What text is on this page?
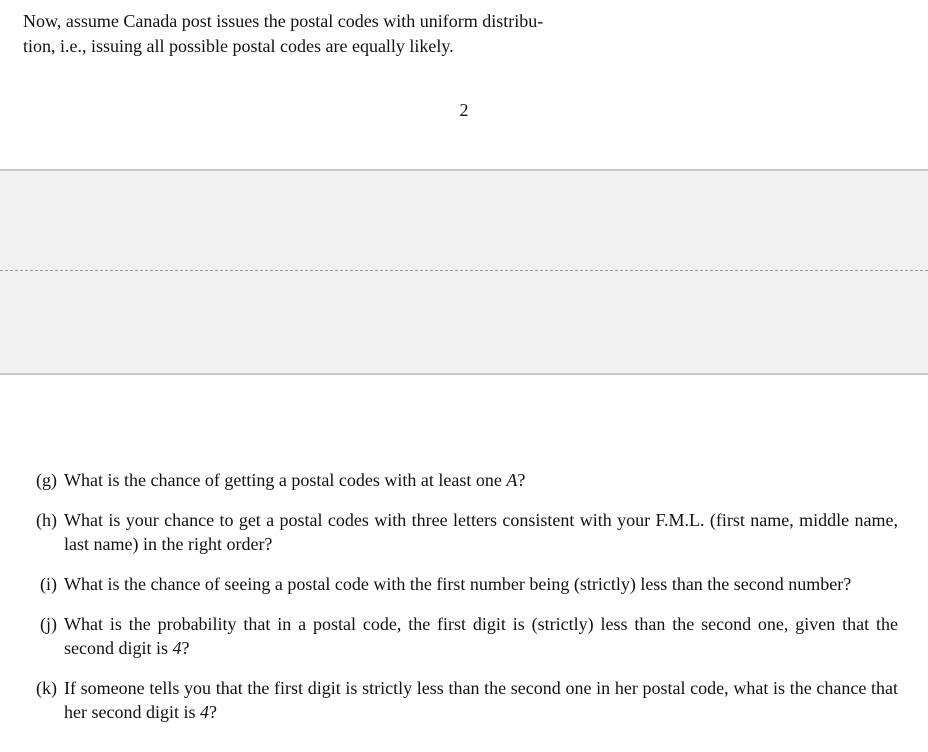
Now, assume Canada post issues the postal codes with uniform distribu-
tion, i.e., issuing all possible postal codes are equally likely.

2
(g) What is the chance of getting a postal codes with at least one A?
(h) What is your chance to get a postal codes with three letters consistent with your F.M.L. (first name, middle name, last name) in the right order?
(i) What is the chance of seeing a postal code with the first number being (strictly) less than the second number?
(j) What is the probability that in a postal code, the first digit is (strictly) less than the second one, given that the second digit is 4?
(k) If someone tells you that the first digit is strictly less than the second one in her postal code, what is the chance that her second digit is 4?
